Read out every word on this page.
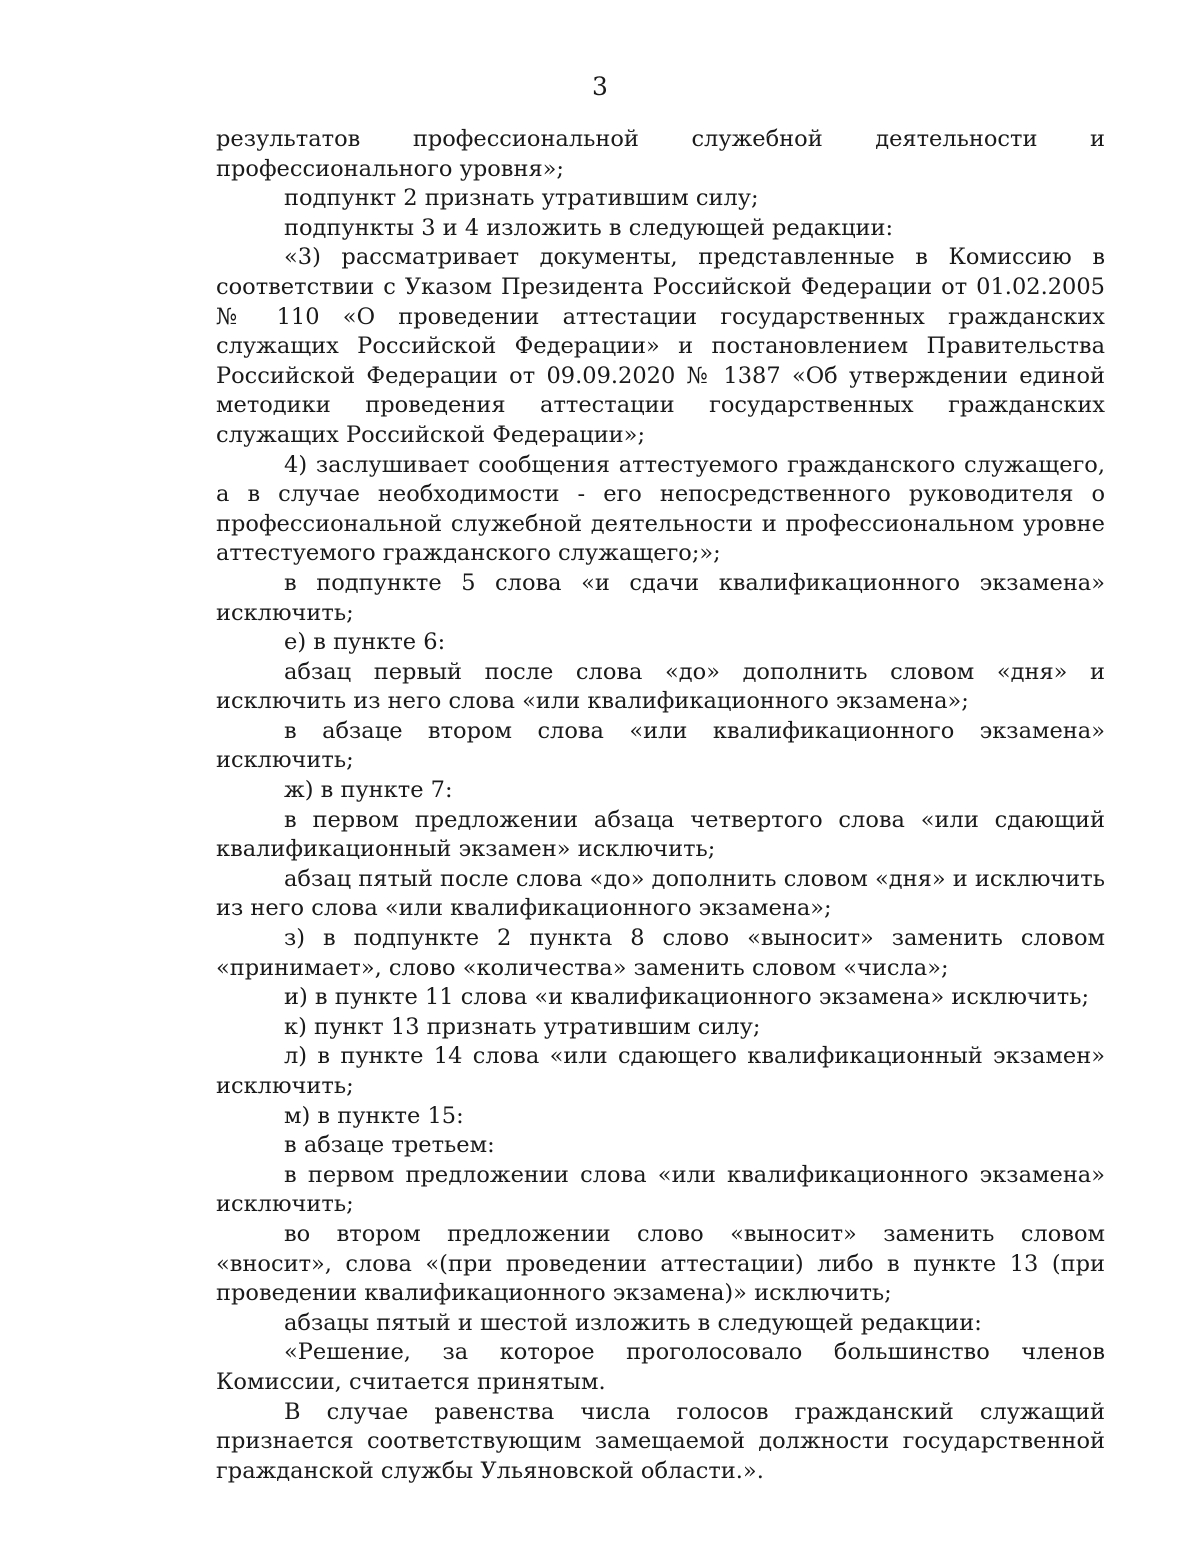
3

результатов профессиональной служебной деятельности и профессионального уровня»;

подпункт 2 признать утратившим силу;

подпункты 3 и 4 изложить в следующей редакции:

«3) рассматривает документы, представленные в Комиссию в соответствии с Указом Президента Российской Федерации от 01.02.2005 № 110 «О проведении аттестации государственных гражданских служащих Российской Федерации» и постановлением Правительства Российской Федерации от 09.09.2020 № 1387 «Об утверждении единой методики проведения аттестации государственных гражданских служащих Российской Федерации»;

4) заслушивает сообщения аттестуемого гражданского служащего, а в случае необходимости - его непосредственного руководителя о профессиональной служебной деятельности и профессиональном уровне аттестуемого гражданского служащего;»;

в подпункте 5 слова «и сдачи квалификационного экзамена» исключить;

е) в пункте 6:

абзац первый после слова «до» дополнить словом «дня» и исключить из него слова «или квалификационного экзамена»;

в абзаце втором слова «или квалификационного экзамена» исключить;

ж) в пункте 7:

в первом предложении абзаца четвертого слова «или сдающий квалификационный экзамен» исключить;

абзац пятый после слова «до» дополнить словом «дня» и исключить из него слова «или квалификационного экзамена»;

з) в подпункте 2 пункта 8 слово «выносит» заменить словом «принимает», слово «количества» заменить словом «числа»;

и) в пункте 11 слова «и квалификационного экзамена» исключить;

к) пункт 13 признать утратившим силу;

л) в пункте 14 слова «или сдающего квалификационный экзамен» исключить;

м) в пункте 15:

в абзаце третьем:

в первом предложении слова «или квалификационного экзамена» исключить;

во втором предложении слово «выносит» заменить словом «вносит», слова «(при проведении аттестации) либо в пункте 13 (при проведении квалификационного экзамена)» исключить;

абзацы пятый и шестой изложить в следующей редакции:

«Решение, за которое проголосовало большинство членов Комиссии, считается принятым.

В случае равенства числа голосов гражданский служащий признается соответствующим замещаемой должности государственной гражданской службы Ульяновской области.».
